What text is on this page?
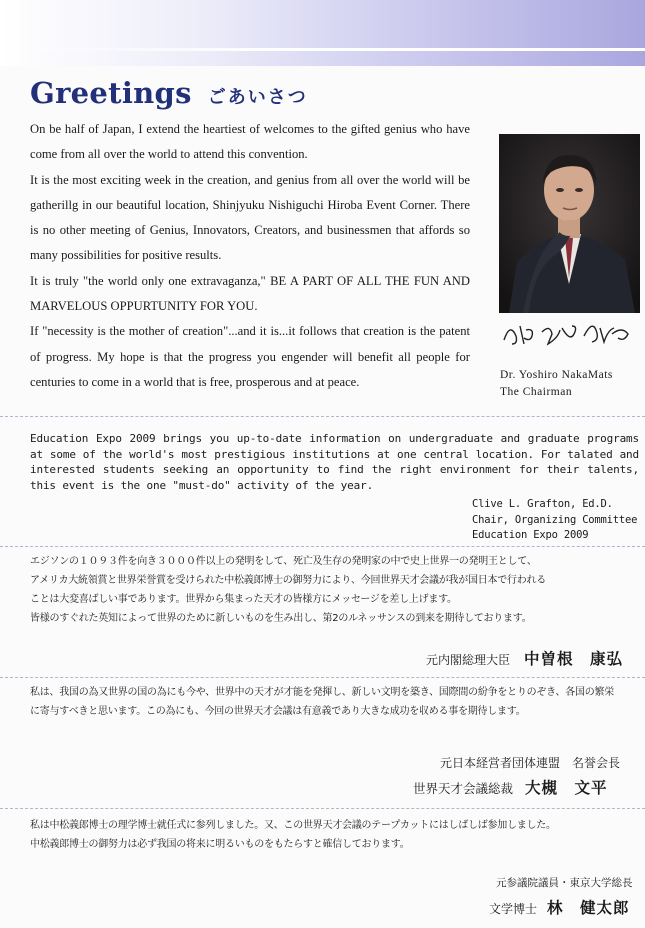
Greetings ごあいさつ

On be half of Japan, I extend the heartiest of welcomes to the gifted genius who have come from all over the world to attend this convention.

It is the most exciting week in the creation, and genius from all over the world will be gatherillg in our beautiful location, Shinjyuku Nishiguchi Hiroba Event Corner. There is no other meeting of Genius, Innovators, Creators, and businessmen that affords so many possibilities for positive results.

It is truly "the world only one extravaganza," BE A PART OF ALL THE FUN AND MARVELOUS OPPURTUNITY FOR YOU.

If "necessity is the mother of creation"...and it is...it follows that creation is the patent of progress. My hope is that the progress you engender will benefit all people for centuries to come in a world that is free, prosperous and at peace.	Dr. Yoshiro NakaMats
The Chairman

Education Expo 2009 brings you up-to-date information on undergraduate and graduate programs at some of the world's most prestigious institutions at one central location. For talated and interested students seeking an opportunity to find the right environment for their talents, this event is the one "must-do" activity of the year.

Clive L. Grafton, Ed.D.
Chair, Organizing Committee
Education Expo 2009

エジソンの１０９３件を向き３０００件以上の発明をして、死亡及生存の発明家の中で史上世界一の発明王として、

アメリカ大統領賞と世界栄誉賞を受けられた中松義郎博士の御努力により、今回世界天才会議が我が国日本で行われる

ことは大変喜ばしい事であります。世界から集まった天才の皆様方にメッセージを差し上げます。

皆様のすぐれた英知によって世界のために新しいものを生み出し、第2のルネッサンスの到来を期待しております。

元内閣総理大臣 中曽根　康弘

私は、我国の為又世界の国の為にも今や、世界中の天才が才能を発揮し、新しい文明を築き、国際間の紛争をとりのぞき、各国の繁栄

に寄与すべきと思います。この為にも、今回の世界天才会議は有意義であり大きな成功を収める事を期待します。

元日本経営者団体連盟　名誉会長
世界天才会議総裁 大槻　文平

私は中松義郎博士の理学博士就任式に参列しました。又、この世界天才会議のテープカットにはしばしば参加しました。

中松義郎博士の御努力は必ず我国の将来に明るいものをもたらすと確信しております。

元参議院議員・東京大学総長
文学博士 林　健太郎
